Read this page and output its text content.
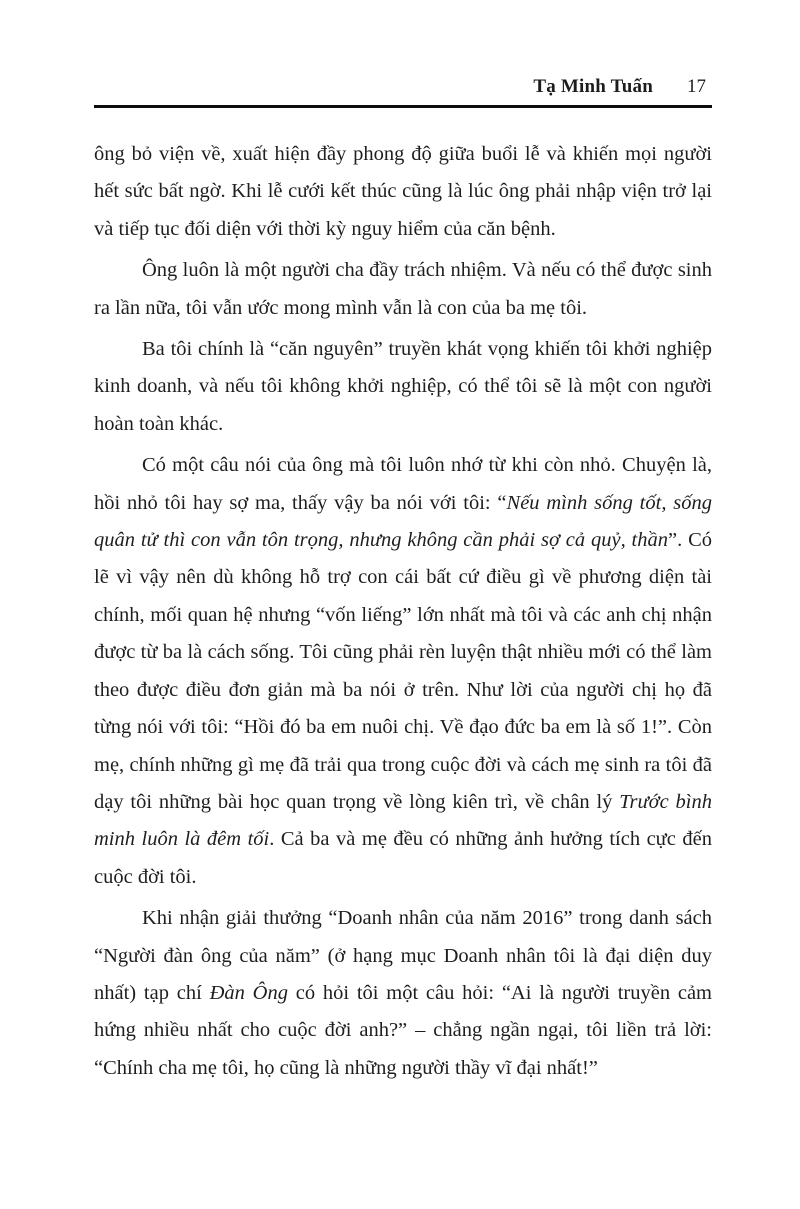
Tạ Minh Tuấn 17

ông bỏ viện về, xuất hiện đầy phong độ giữa buổi lễ và khiến mọi người hết sức bất ngờ. Khi lễ cưới kết thúc cũng là lúc ông phải nhập viện trở lại và tiếp tục đối diện với thời kỳ nguy hiểm của căn bệnh.

Ông luôn là một người cha đầy trách nhiệm. Và nếu có thể được sinh ra lần nữa, tôi vẫn ước mong mình vẫn là con của ba mẹ tôi.

Ba tôi chính là “căn nguyên” truyền khát vọng khiến tôi khởi nghiệp kinh doanh, và nếu tôi không khởi nghiệp, có thể tôi sẽ là một con người hoàn toàn khác.

Có một câu nói của ông mà tôi luôn nhớ từ khi còn nhỏ. Chuyện là, hồi nhỏ tôi hay sợ ma, thấy vậy ba nói với tôi: “Nếu mình sống tốt, sống quân tử thì con vẫn tôn trọng, nhưng không cần phải sợ cả quỷ, thần”. Có lẽ vì vậy nên dù không hỗ trợ con cái bất cứ điều gì về phương diện tài chính, mối quan hệ nhưng “vốn liếng” lớn nhất mà tôi và các anh chị nhận được từ ba là cách sống. Tôi cũng phải rèn luyện thật nhiều mới có thể làm theo được điều đơn giản mà ba nói ở trên. Như lời của người chị họ đã từng nói với tôi: “Hồi đó ba em nuôi chị. Về đạo đức ba em là số 1!”. Còn mẹ, chính những gì mẹ đã trải qua trong cuộc đời và cách mẹ sinh ra tôi đã dạy tôi những bài học quan trọng về lòng kiên trì, về chân lý Trước bình minh luôn là đêm tối. Cả ba và mẹ đều có những ảnh hưởng tích cực đến cuộc đời tôi.

Khi nhận giải thưởng “Doanh nhân của năm 2016” trong danh sách “Người đàn ông của năm” (ở hạng mục Doanh nhân tôi là đại diện duy nhất) tạp chí Đàn Ông có hỏi tôi một câu hỏi: “Ai là người truyền cảm hứng nhiều nhất cho cuộc đời anh?” – chẳng ngần ngại, tôi liền trả lời: “Chính cha mẹ tôi, họ cũng là những người thầy vĩ đại nhất!”
